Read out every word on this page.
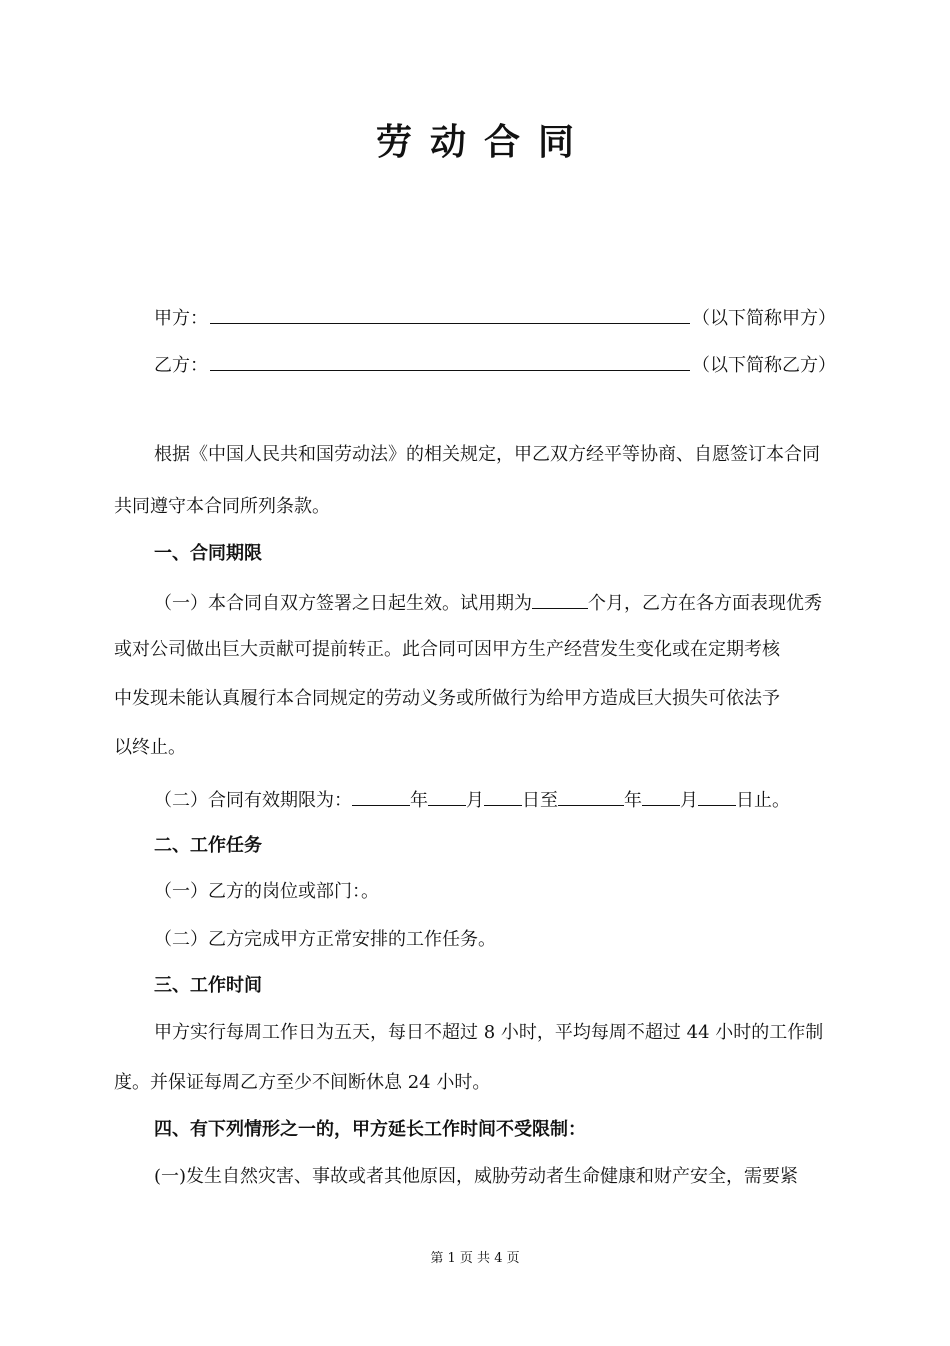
劳动合同
甲方：	（以下简称甲方）
乙方：	（以下简称乙方）
根据《中国人民共和国劳动法》的相关规定，甲乙双方经平等协商、自愿签订本合同
共同遵守本合同所列条款。
一、合同期限
（一）本合同自双方签署之日起生效。试用期为	个月，乙方在各方面表现优秀
或对公司做出巨大贡献可提前转正。此合同可因甲方生产经营发生变化或在定期考核
中发现未能认真履行本合同规定的劳动义务或所做行为给甲方造成巨大损失可依法予
以终止。
（二）合同有效期限为：	年 月 日至	年 月 日止。
二、工作任务
（一）乙方的岗位或部门：。
（二）乙方完成甲方正常安排的工作任务。
三、工作时间
甲方实行每周工作日为五天，每日不超过 8 小时，平均每周不超过 44 小时的工作制
度。并保证每周乙方至少不间断休息 24 小时。
四、有下列情形之一的，甲方延长工作时间不受限制：
(一)发生自然灾害、事故或者其他原因，威胁劳动者生命健康和财产安全，需要紧
第 1 页 共 4 页
